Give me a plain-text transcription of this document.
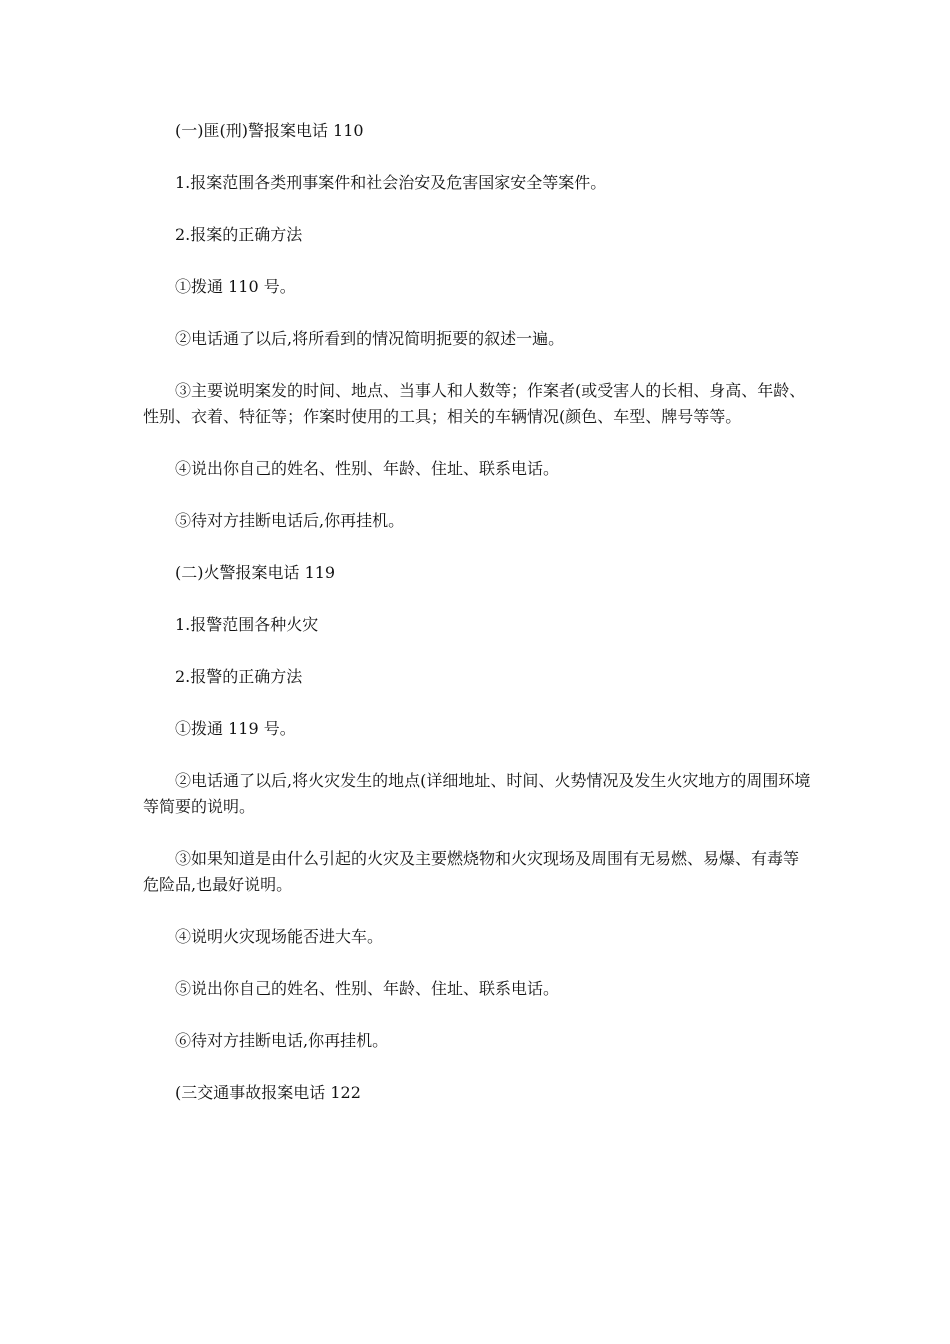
(一)匪(刑)警报案电话 110

1.报案范围各类刑事案件和社会治安及危害国家安全等案件。

2.报案的正确方法

①拨通 110 号。

②电话通了以后,将所看到的情况简明扼要的叙述一遍。

③主要说明案发的时间、地点、当事人和人数等；作案者(或受害人的长相、身高、年龄、性别、衣着、特征等；作案时使用的工具；相关的车辆情况(颜色、车型、牌号等等。

④说出你自己的姓名、性别、年龄、住址、联系电话。

⑤待对方挂断电话后,你再挂机。

(二)火警报案电话 119

1.报警范围各种火灾

2.报警的正确方法

①拨通 119 号。

②电话通了以后,将火灾发生的地点(详细地址、时间、火势情况及发生火灾地方的周围环境等简要的说明。

③如果知道是由什么引起的火灾及主要燃烧物和火灾现场及周围有无易燃、易爆、有毒等危险品,也最好说明。

④说明火灾现场能否进大车。

⑤说出你自己的姓名、性别、年龄、住址、联系电话。

⑥待对方挂断电话,你再挂机。

(三交通事故报案电话 122
